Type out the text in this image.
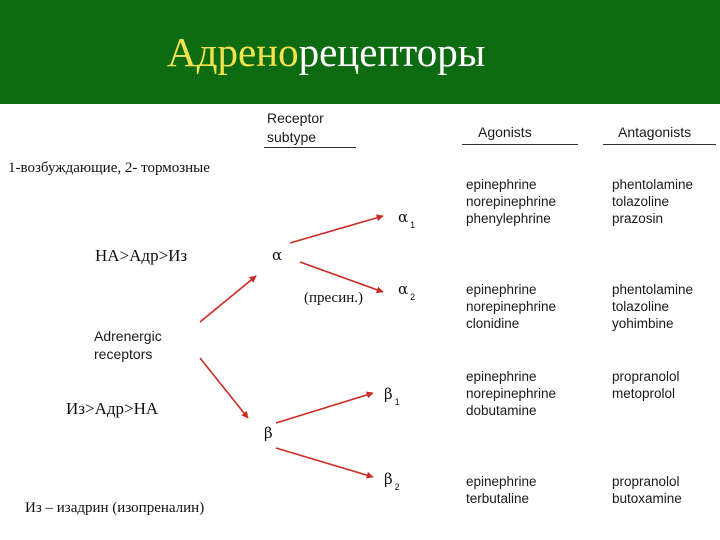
Адренорецепторы
Receptor
subtype	Agonists	Antagonists
1-возбуждающие, 2- тормозные
НА>Адр>Из
(пресин.)
Из>Адр>НА
Из – изадрин (изопреналин)
Adrenergic
receptors
α
β
α $_1$
α $_2$
β $_1$
β $_2$
epinephrine
norepinephrine
phenylephrine
phentolamine
tolazoline
prazosin
epinephrine
norepinephrine
clonidine
phentolamine
tolazoline
yohimbine
epinephrine
norepinephrine
dobutamine
propranolol
metoprolol
epinephrine
terbutaline
propranolol
butoxamine
